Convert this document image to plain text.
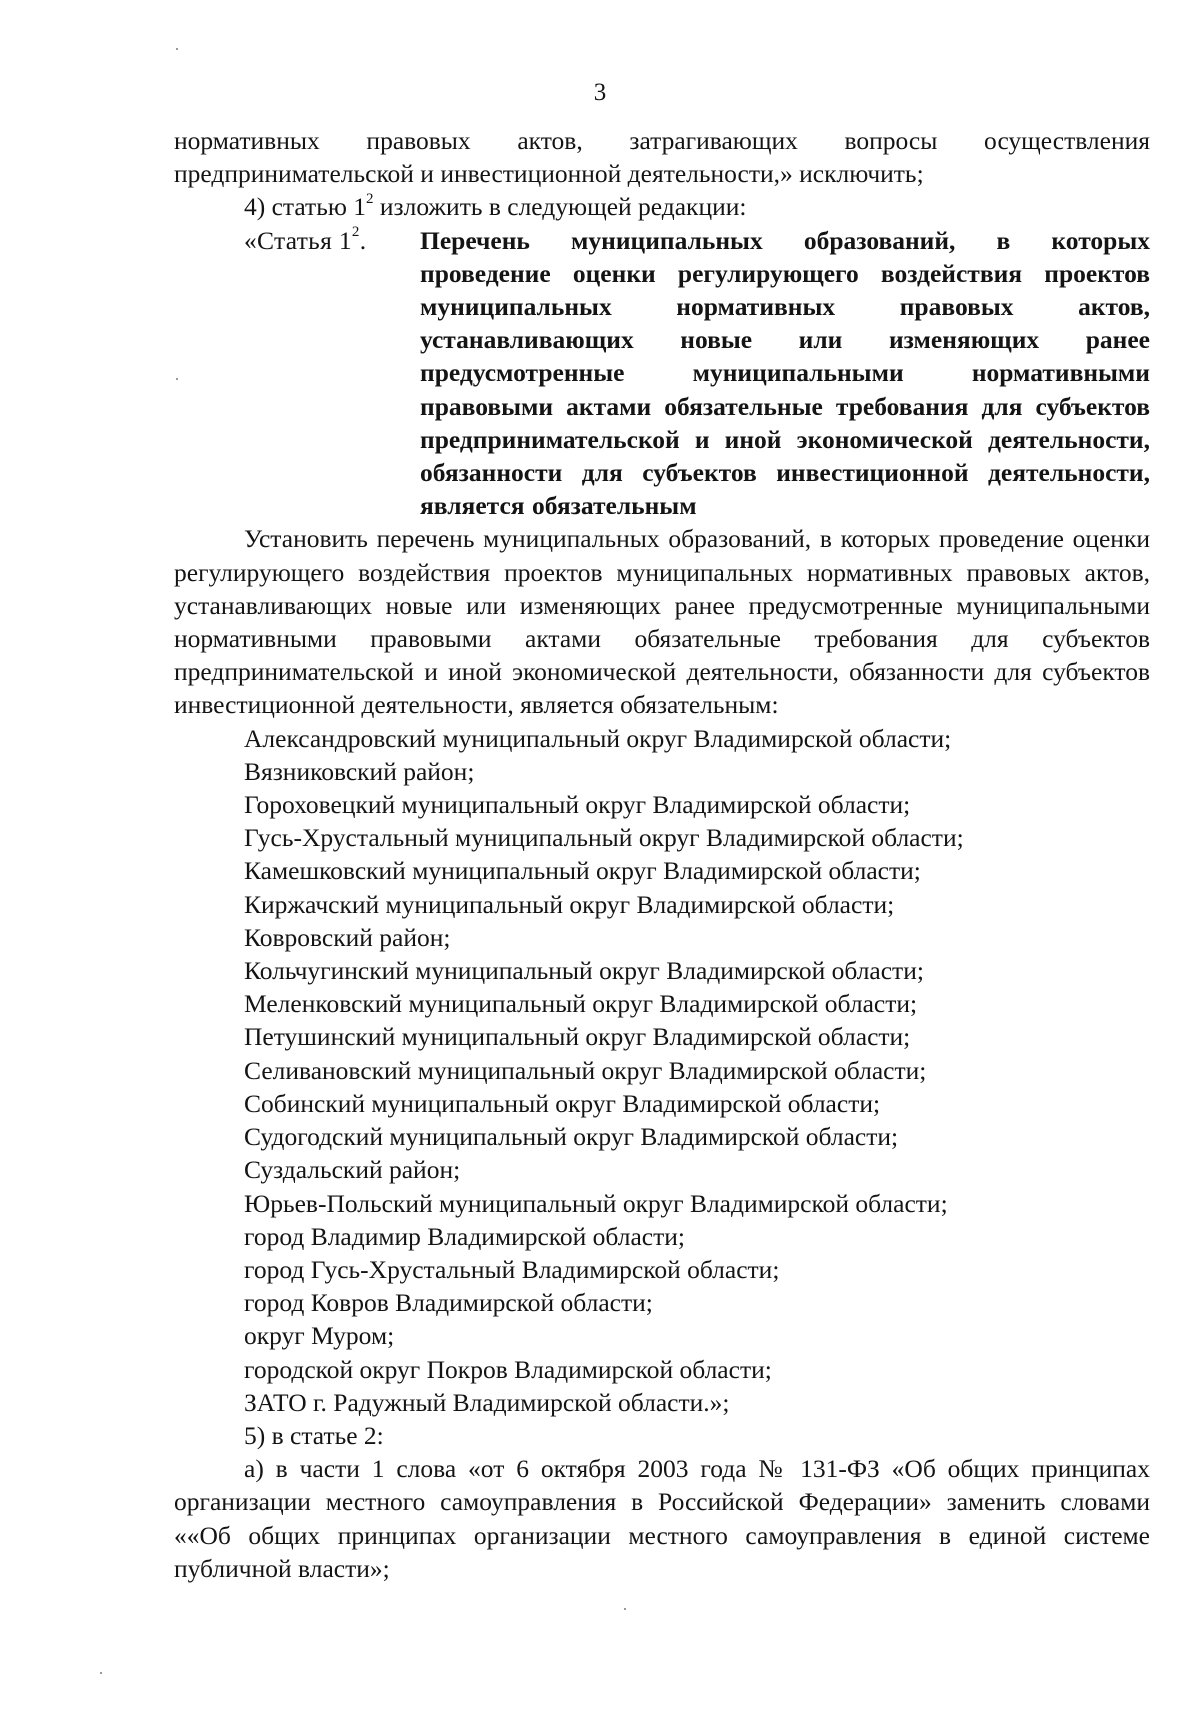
3

нормативных правовых актов, затрагивающих вопросы осуществления предпринимательской и инвестиционной деятельности,» исключить;

4) статью $1^2$ изложить в следующей редакции:

«Статья $1^2$.	Перечень муниципальных образований, в которых проведение оценки регулирующего воздействия проектов муниципальных нормативных правовых актов, устанавливающих новые или изменяющих ранее предусмотренные муниципальными нормативными правовыми актами обязательные требования для субъектов предпринимательской и иной экономической деятельности, обязанности для субъектов инвестиционной деятельности, является обязательным

Установить перечень муниципальных образований, в которых проведение оценки регулирующего воздействия проектов муниципальных нормативных правовых актов, устанавливающих новые или изменяющих ранее предусмотренные муниципальными нормативными правовыми актами обязательные требования для субъектов предпринимательской и иной экономической деятельности, обязанности для субъектов инвестиционной деятельности, является обязательным:

Александровский муниципальный округ Владимирской области;

Вязниковский район;

Гороховецкий муниципальный округ Владимирской области;

Гусь-Хрустальный муниципальный округ Владимирской области;

Камешковский муниципальный округ Владимирской области;

Киржачский муниципальный округ Владимирской области;

Ковровский район;

Кольчугинский муниципальный округ Владимирской области;

Меленковский муниципальный округ Владимирской области;

Петушинский муниципальный округ Владимирской области;

Селивановский муниципальный округ Владимирской области;

Собинский муниципальный округ Владимирской области;

Судогодский муниципальный округ Владимирской области;

Суздальский район;

Юрьев-Польский муниципальный округ Владимирской области;

город Владимир Владимирской области;

город Гусь-Хрустальный Владимирской области;

город Ковров Владимирской области;

округ Муром;

городской округ Покров Владимирской области;

ЗАТО г. Радужный Владимирской области.»;

5) в статье 2:

а) в части 1 слова «от 6 октября 2003 года № 131-ФЗ «Об общих принципах организации местного самоуправления в Российской Федерации» заменить словами ««Об общих принципах организации местного самоуправления в единой системе публичной власти»;
